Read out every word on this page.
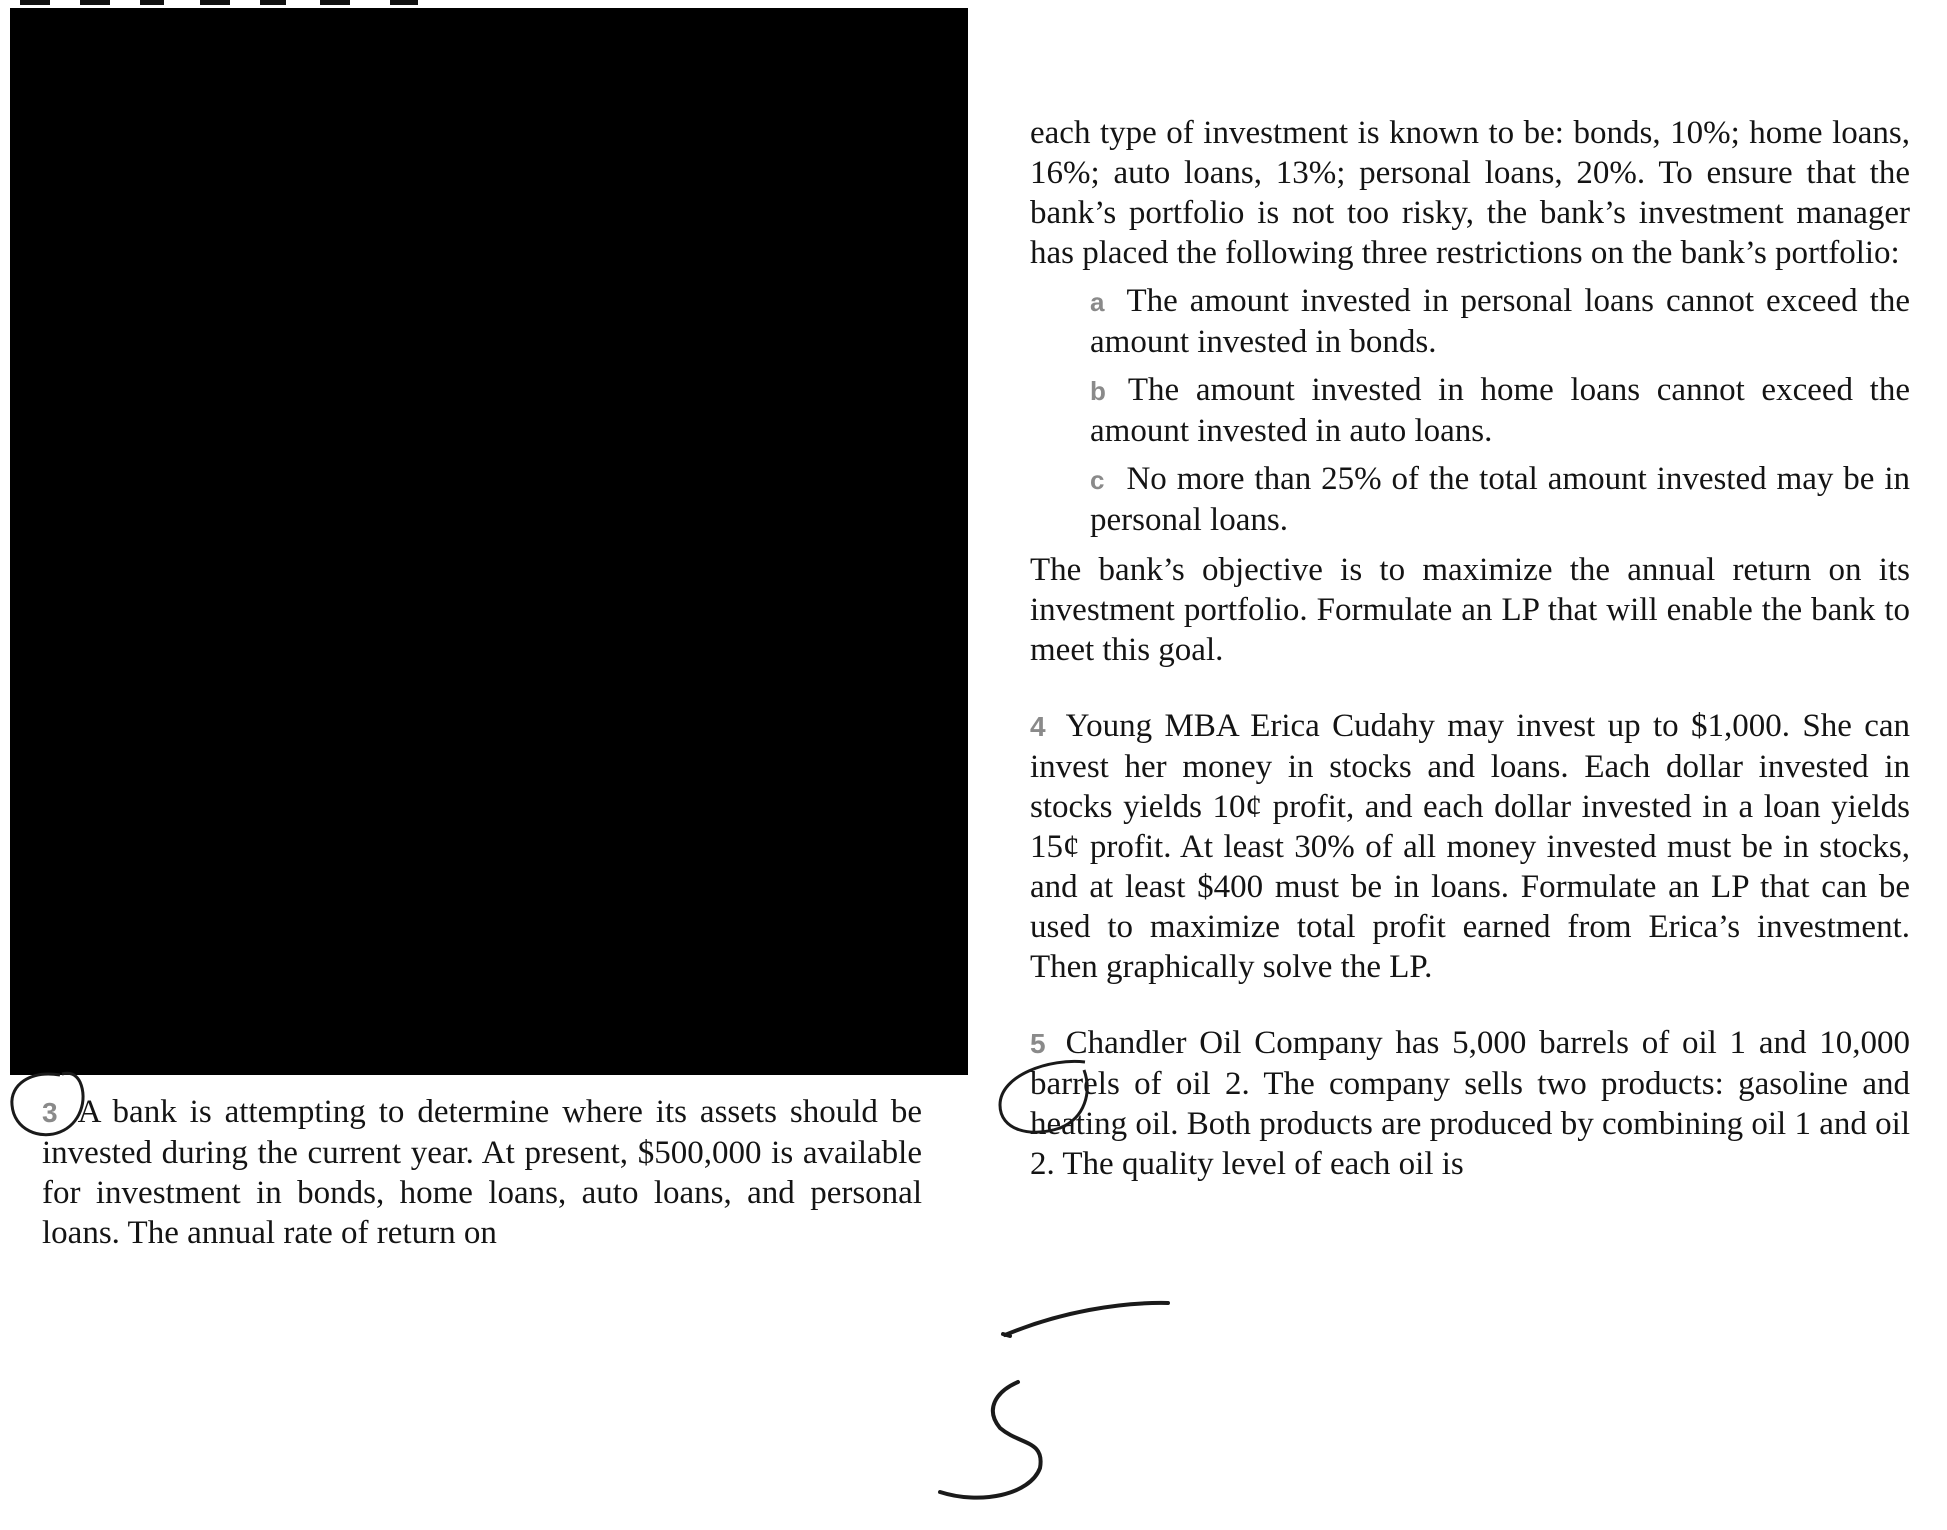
3 A bank is attempting to determine where its assets should be invested during the current year. At present, $500,000 is available for investment in bonds, home loans, auto loans, and personal loans. The annual rate of return on

each type of investment is known to be: bonds, 10%; home loans, 16%; auto loans, 13%; personal loans, 20%. To ensure that the bank’s portfolio is not too risky, the bank’s investment manager has placed the following three restrictions on the bank’s portfolio:

a The amount invested in personal loans cannot exceed the amount invested in bonds.

b The amount invested in home loans cannot exceed the amount invested in auto loans.

c No more than 25% of the total amount invested may be in personal loans.

The bank’s objective is to maximize the annual return on its investment portfolio. Formulate an LP that will enable the bank to meet this goal.

4 Young MBA Erica Cudahy may invest up to $1,000. She can invest her money in stocks and loans. Each dollar invested in stocks yields 10¢ profit, and each dollar invested in a loan yields 15¢ profit. At least 30% of all money invested must be in stocks, and at least $400 must be in loans. Formulate an LP that can be used to maximize total profit earned from Erica’s investment. Then graphically solve the LP.

5 Chandler Oil Company has 5,000 barrels of oil 1 and 10,000 barrels of oil 2. The company sells two products: gasoline and heating oil. Both products are produced by combining oil 1 and oil 2. The quality level of each oil is
